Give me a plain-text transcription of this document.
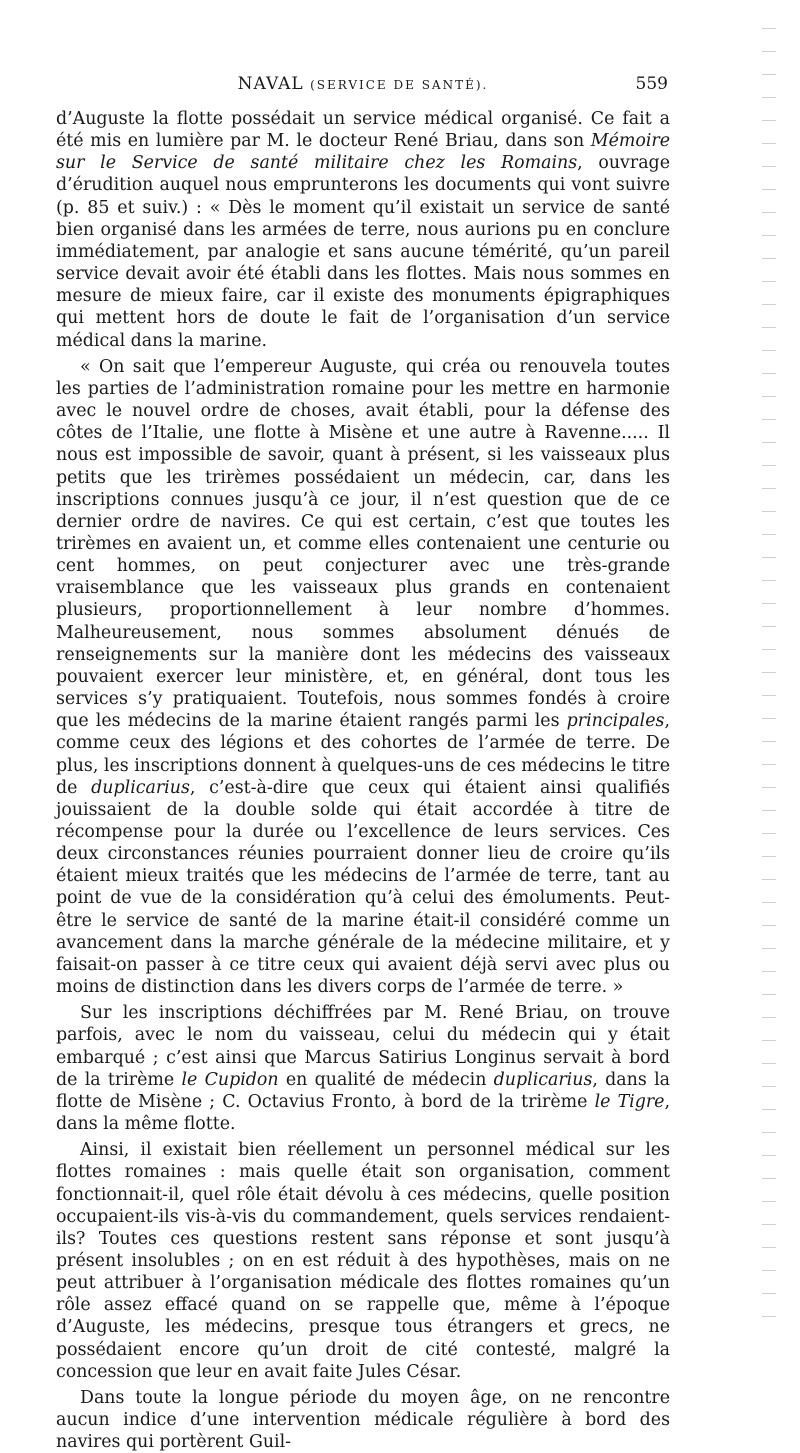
NAVAL (SERVICE DE SANTÉ).	559

d’Auguste la flotte possédait un service médical organisé. Ce fait a été mis en lumière par M. le docteur René Briau, dans son Mémoire sur le Service de santé militaire chez les Romains, ouvrage d’érudition auquel nous emprunterons les documents qui vont suivre (p. 85 et suiv.) : « Dès le moment qu’il existait un service de santé bien organisé dans les armées de terre, nous aurions pu en conclure immédiatement, par analogie et sans aucune témérité, qu’un pareil service devait avoir été établi dans les flottes. Mais nous sommes en mesure de mieux faire, car il existe des monuments épigraphiques qui mettent hors de doute le fait de l’organisation d’un service médical dans la marine.

« On sait que l’empereur Auguste, qui créa ou renouvela toutes les parties de l’administration romaine pour les mettre en harmonie avec le nouvel ordre de choses, avait établi, pour la défense des côtes de l’Italie, une flotte à Misène et une autre à Ravenne..... Il nous est impossible de savoir, quant à présent, si les vaisseaux plus petits que les trirèmes possédaient un médecin, car, dans les inscriptions connues jusqu’à ce jour, il n’est question que de ce dernier ordre de navires. Ce qui est certain, c’est que toutes les trirèmes en avaient un, et comme elles contenaient une centurie ou cent hommes, on peut conjecturer avec une très-grande vraisemblance que les vaisseaux plus grands en contenaient plusieurs, proportionnellement à leur nombre d’hommes. Malheureusement, nous sommes absolument dénués de renseignements sur la manière dont les médecins des vaisseaux pouvaient exercer leur ministère, et, en général, dont tous les services s’y pratiquaient. Toutefois, nous sommes fondés à croire que les médecins de la marine étaient rangés parmi les principales, comme ceux des légions et des cohortes de l’armée de terre. De plus, les inscriptions donnent à quelques-uns de ces médecins le titre de duplicarius, c’est-à-dire que ceux qui étaient ainsi qualifiés jouissaient de la double solde qui était accordée à titre de récompense pour la durée ou l’excellence de leurs services. Ces deux circonstances réunies pourraient donner lieu de croire qu’ils étaient mieux traités que les médecins de l’armée de terre, tant au point de vue de la considération qu’à celui des émoluments. Peut-être le service de santé de la marine était-il considéré comme un avancement dans la marche générale de la médecine militaire, et y faisait-on passer à ce titre ceux qui avaient déjà servi avec plus ou moins de distinction dans les divers corps de l’armée de terre. »

Sur les inscriptions déchiffrées par M. René Briau, on trouve parfois, avec le nom du vaisseau, celui du médecin qui y était embarqué ; c’est ainsi que Marcus Satirius Longinus servait à bord de la trirème le Cupidon en qualité de médecin duplicarius, dans la flotte de Misène ; C. Octavius Fronto, à bord de la trirème le Tigre, dans la même flotte.

Ainsi, il existait bien réellement un personnel médical sur les flottes romaines : mais quelle était son organisation, comment fonctionnait-il, quel rôle était dévolu à ces médecins, quelle position occupaient-ils vis-à-vis du commandement, quels services rendaient-ils? Toutes ces questions restent sans réponse et sont jusqu’à présent insolubles ; on en est réduit à des hypothèses, mais on ne peut attribuer à l’organisation médicale des flottes romaines qu’un rôle assez effacé quand on se rappelle que, même à l’époque d’Auguste, les médecins, presque tous étrangers et grecs, ne possédaient encore qu’un droit de cité contesté, malgré la concession que leur en avait faite Jules César.

Dans toute la longue période du moyen âge, on ne rencontre aucun indice d’une intervention médicale régulière à bord des navires qui portèrent Guil-
